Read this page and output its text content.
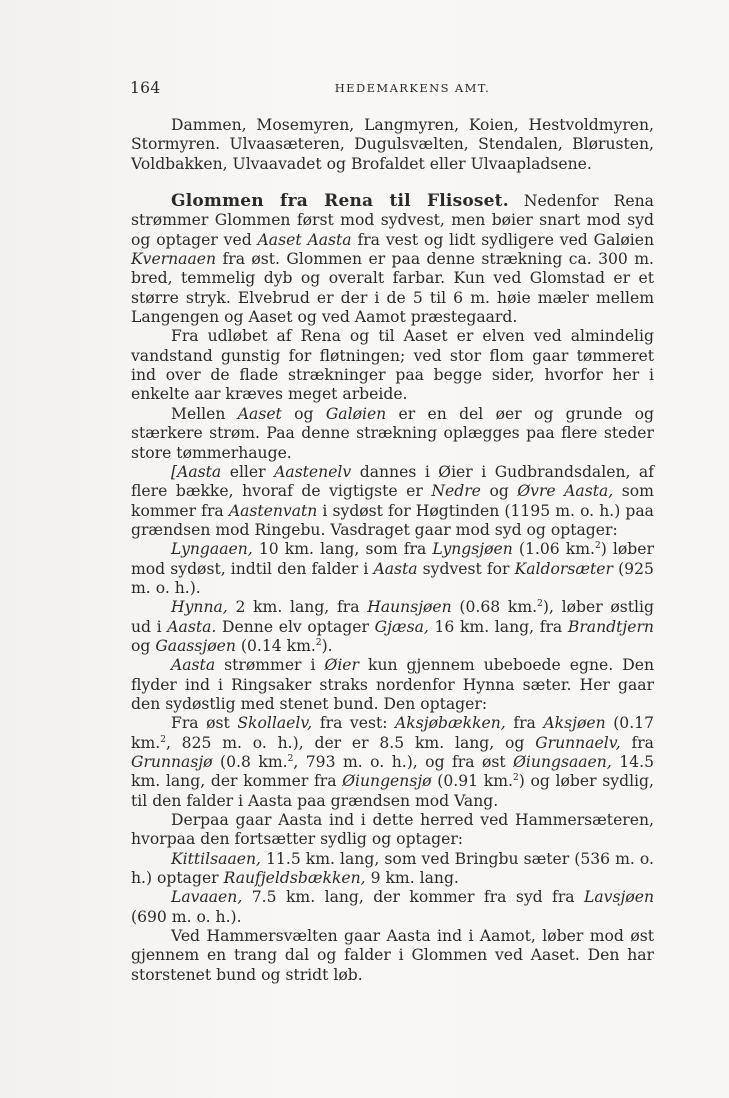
164	HEDEMARKENS AMT.

Dammen, Mosemyren, Langmyren, Koien, Hestvoldmyren, Stormyren. Ulvaasæteren, Dugulsvælten, Stendalen, Blørusten, Voldbakken, Ulvaavadet og Brofaldet eller Ulvaapladsene.

Glommen fra Rena til Flisoset. Nedenfor Rena strømmer Glommen først mod sydvest, men bøier snart mod syd og optager ved Aaset Aasta fra vest og lidt sydligere ved Galøien Kvernaaen fra øst. Glommen er paa denne strækning ca. 300 m. bred, temmelig dyb og overalt farbar. Kun ved Glomstad er et større stryk. Elvebrud er der i de 5 til 6 m. høie mæler mellem Langengen og Aaset og ved Aamot præstegaard.

Fra udløbet af Rena og til Aaset er elven ved almindelig vandstand gunstig for fløtningen; ved stor flom gaar tømmeret ind over de flade strækninger paa begge sider, hvorfor her i enkelte aar kræves meget arbeide.

Mellen Aaset og Galøien er en del øer og grunde og stærkere strøm. Paa denne strækning oplægges paa flere steder store tømmerhauge.

[Aasta eller Aastenelv dannes i Øier i Gudbrandsdalen, af flere bække, hvoraf de vigtigste er Nedre og Øvre Aasta, som kommer fra Aastenvatn i sydøst for Høgtinden (1195 m. o. h.) paa grændsen mod Ringebu. Vasdraget gaar mod syd og optager:

Lyngaaen, 10 km. lang, som fra Lyngsjøen (1.06 km.$^2$) løber mod sydøst, indtil den falder i Aasta sydvest for Kaldorsæter (925 m. o. h.).

Hynna, 2 km. lang, fra Haunsjøen (0.68 km.$^2$), løber østlig ud i Aasta. Denne elv optager Gjæsa, 16 km. lang, fra Brandtjern og Gaassjøen (0.14 km.$^2$).

Aasta strømmer i Øier kun gjennem ubeboede egne. Den flyder ind i Ringsaker straks nordenfor Hynna sæter. Her gaar den sydøstlig med stenet bund. Den optager:

Fra øst Skollaelv, fra vest: Aksjøbækken, fra Aksjøen (0.17 km.$^2$, 825 m. o. h.), der er 8.5 km. lang, og Grunnaelv, fra Grunnasjø (0.8 km.$^2$, 793 m. o. h.), og fra øst Øiungsaaen, 14.5 km. lang, der kommer fra Øiungensjø (0.91 km.$^2$) og løber sydlig, til den falder i Aasta paa grændsen mod Vang.

Derpaa gaar Aasta ind i dette herred ved Hammersæteren, hvorpaa den fortsætter sydlig og optager:

Kittilsaaen, 11.5 km. lang, som ved Bringbu sæter (536 m. o. h.) optager Raufjeldsbækken, 9 km. lang.

Lavaaen, 7.5 km. lang, der kommer fra syd fra Lavsjøen (690 m. o. h.).

Ved Hammersvælten gaar Aasta ind i Aamot, løber mod øst gjennem en trang dal og falder i Glommen ved Aaset. Den har storstenet bund og stridt løb.
